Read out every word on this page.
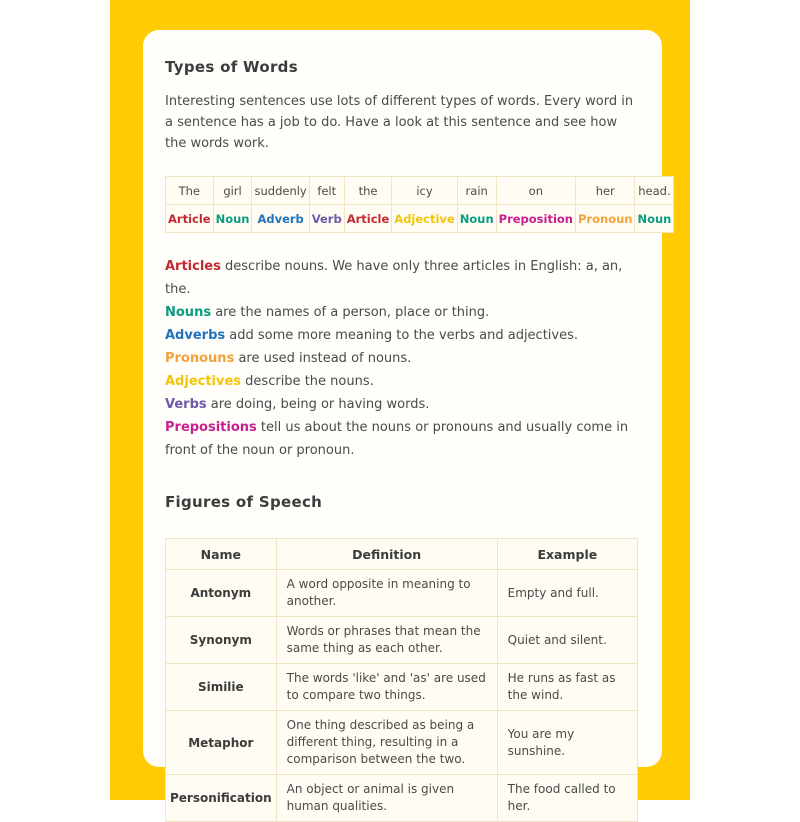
Types of Words

Interesting sentences use lots of different types of words. Every word in a sentence has a job to do. Have a look at this sentence and see how the words work.

The	girl	suddenly	felt	the	icy	rain	on	her	head.
Article	Noun	Adverb	Verb	Article	Adjective	Noun	Preposition	Pronoun	Noun
Articles describe nouns. We have only three articles in English: a, an, the.
Nouns are the names of a person, place or thing.
Adverbs add some more meaning to the verbs and adjectives.
Pronouns are used instead of nouns.
Adjectives describe the nouns.
Verbs are doing, being or having words.
Prepositions tell us about the nouns or pronouns and usually come in front of the noun or pronoun.
Figures of Speech
Name	Definition	Example
Antonym	A word opposite in meaning to another.	Empty and full.
Synonym	Words or phrases that mean the same thing as each other.	Quiet and silent.
Similie	The words 'like' and 'as' are used to compare two things.	He runs as fast as the wind.
Metaphor	One thing described as being a different thing, resulting in a comparison between the two.	You are my sunshine.
Personification	An object or animal is given human qualities.	The food called to her.
